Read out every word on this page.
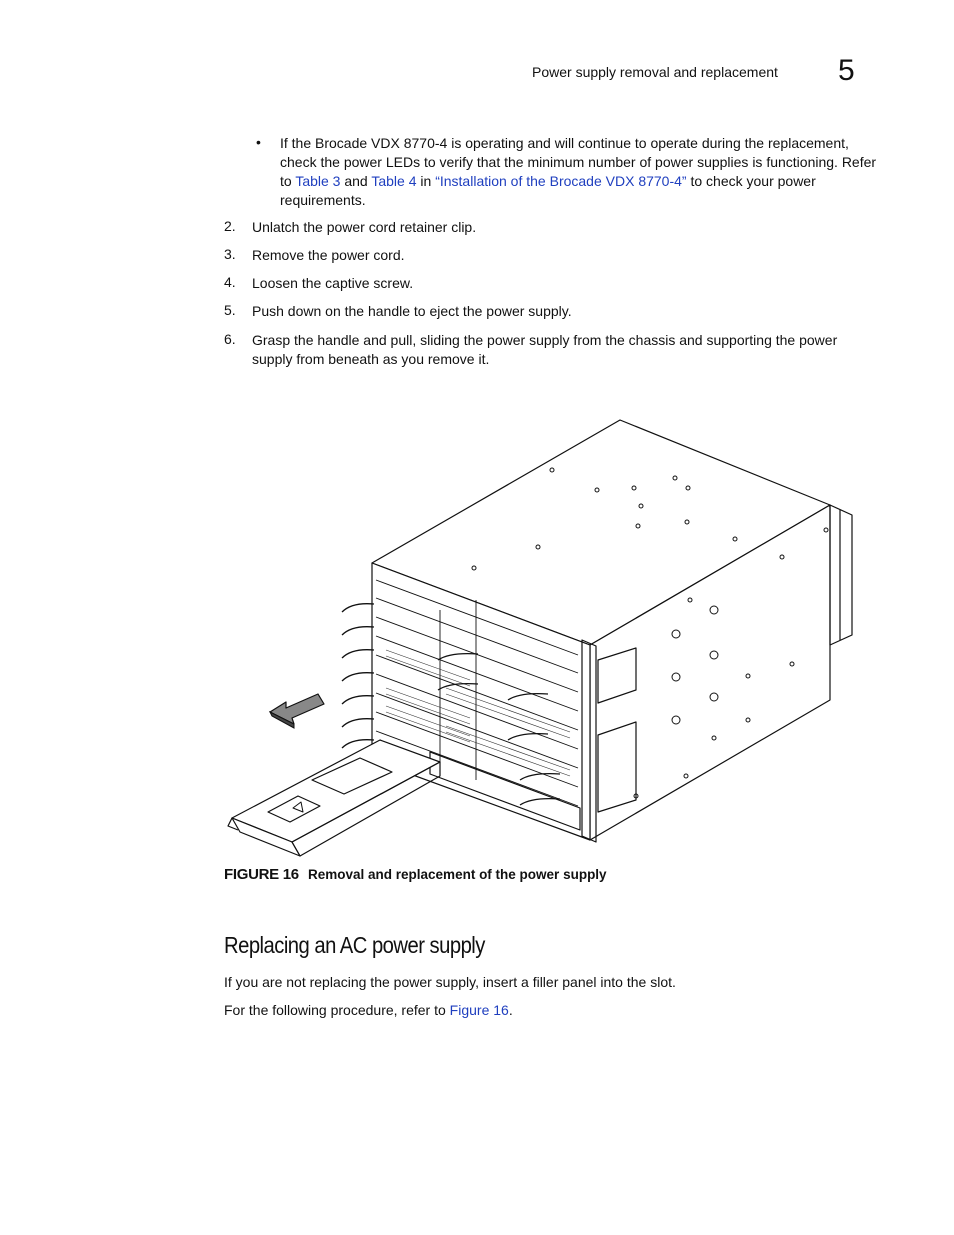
Power supply removal and replacement 5
• If the Brocade VDX 8770-4 is operating and will continue to operate during the replacement, check the power LEDs to verify that the minimum number of power supplies is functioning. Refer to Table 3 and Table 4 in “Installation of the Brocade VDX 8770-4” to check your power requirements.
2.	Unlatch the power cord retainer clip.
3.	Remove the power cord.
4.	Loosen the captive screw.
5.	Push down on the handle to eject the power supply.
6.	Grasp the handle and pull, sliding the power supply from the chassis and supporting the power supply from beneath as you remove it.
FIGURE 16 Removal and replacement of the power supply
Replacing an AC power supply
If you are not replacing the power supply, insert a filler panel into the slot.
For the following procedure, refer to Figure 16.
